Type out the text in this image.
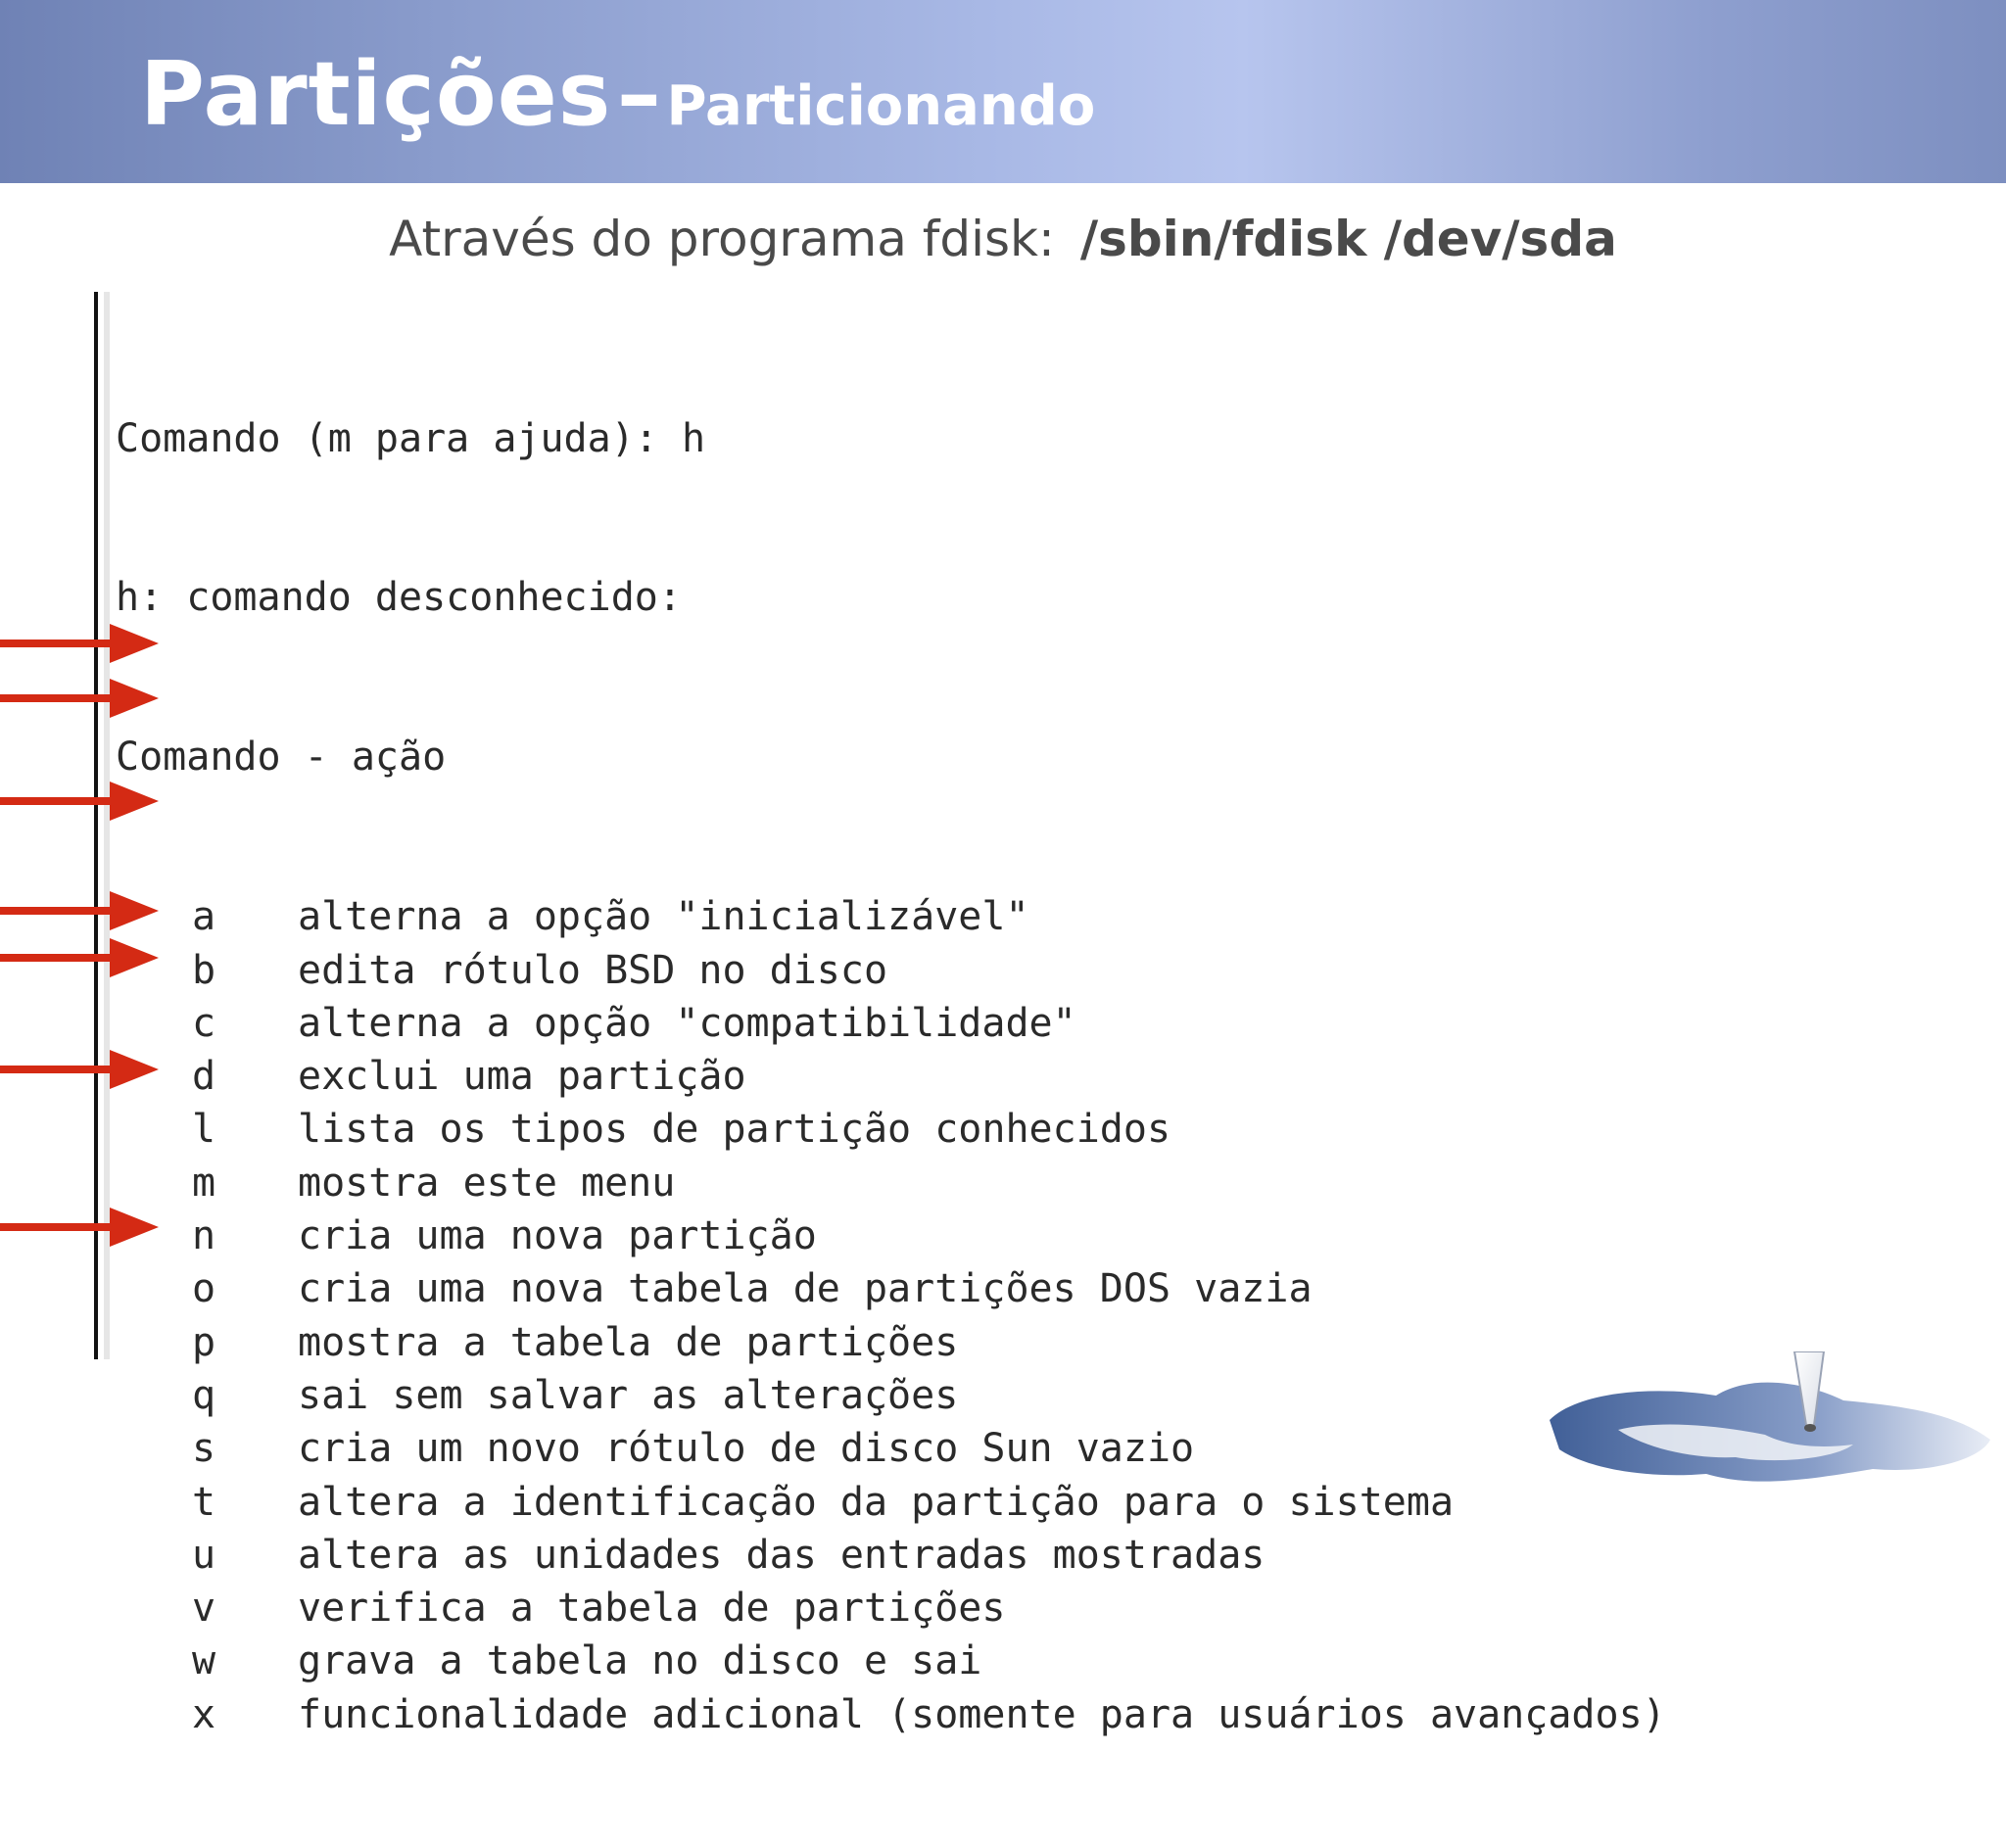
Partições – Particionando
Através do programa fdisk: /sbin/fdisk /dev/sda

Comando (m para ajuda): h

h: comando desconhecido:

Comando - ação

a alterna a opção "inicializável"
b edita rótulo BSD no disco
c alterna a opção "compatibilidade"
d exclui uma partição
l lista os tipos de partição conhecidos
m mostra este menu
n cria uma nova partição
o cria uma nova tabela de partições DOS vazia
p mostra a tabela de partições
q sai sem salvar as alterações
s cria um novo rótulo de disco Sun vazio
t altera a identificação da partição para o sistema
u altera as unidades das entradas mostradas
v verifica a tabela de partições
w grava a tabela no disco e sai
x funcionalidade adicional (somente para usuários avançados)
